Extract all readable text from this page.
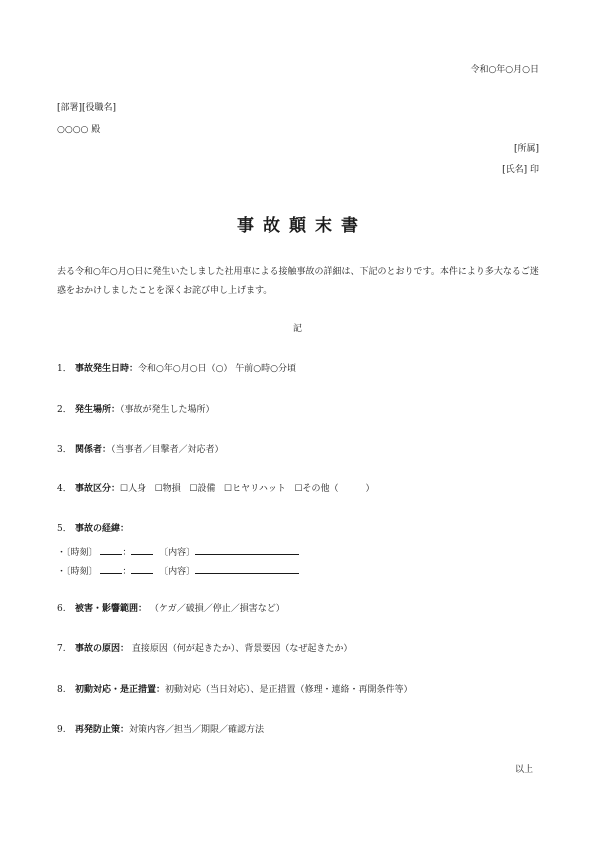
令和○年○月○日
[部署][役職名]
○○○○ 殿
[所属]
[氏名] 印
事故顛末書
去る令和○年○月○日に発生いたしました社用車による接触事故の詳細は、下記のとおりです。本件により多大なるご迷惑をおかけしましたことを深くお詫び申し上げます。
記
1． 事故発生日時：令和○年○月○日（○） 午前○時○分頃
2． 発生場所：（事故が発生した場所）
3． 関係者：（当事者／目撃者／対応者）
4． 事故区分：☐人身 ☐物損 ☐設備 ☐ヒヤリハット ☐その他（　　　）
5． 事故の経緯：
・〔時刻〕	：	〔内容〕
・〔時刻〕	：	〔内容〕
6. 被害・影響範囲： （ケガ／破損／停止／損害など）
7. 事故の原因： 直接原因（何が起きたか）、背景要因（なぜ起きたか）
8. 初動対応・是正措置：初動対応（当日対応）、是正措置（修理・連絡・再開条件等）
9. 再発防止策：対策内容／担当／期限／確認方法
以上
